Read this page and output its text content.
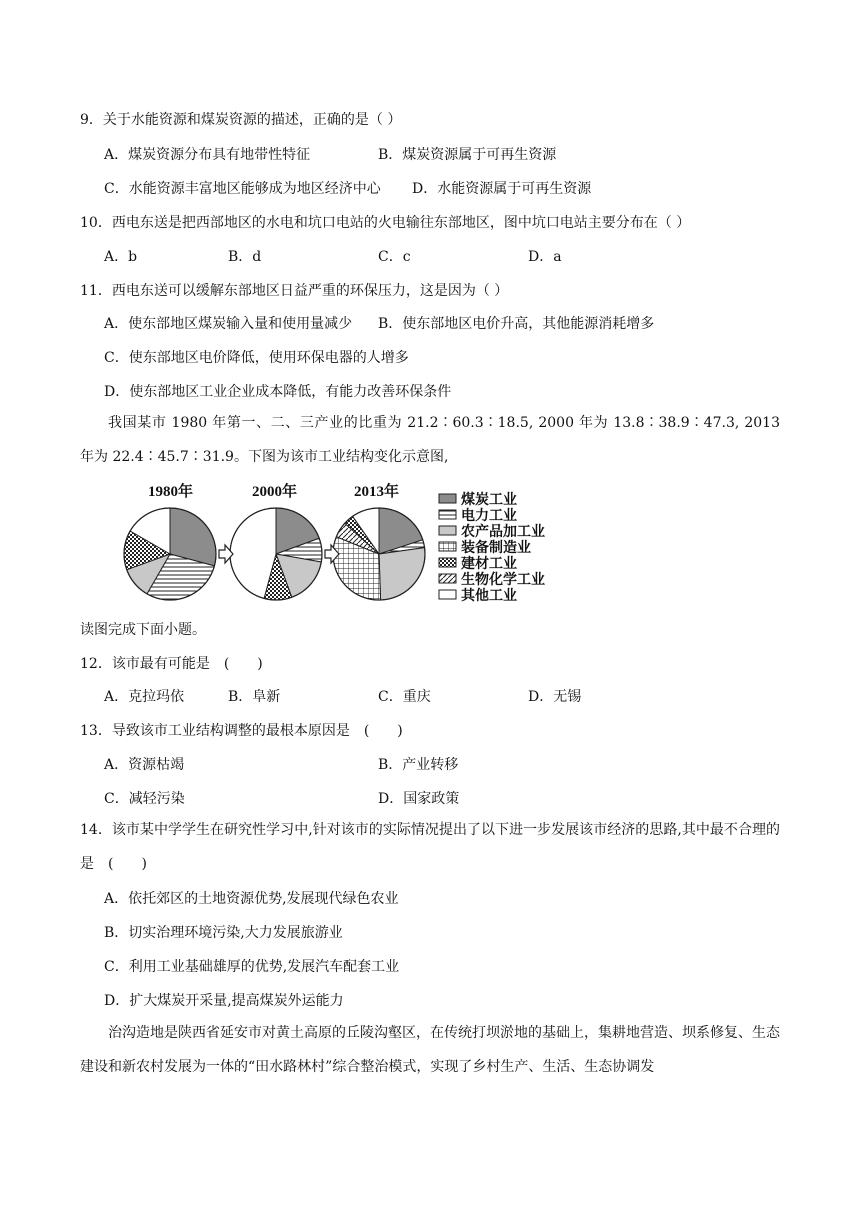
9．关于水能资源和煤炭资源的描述，正确的是（ ）
A．煤炭资源分布具有地带性特征	B．煤炭资源属于可再生资源
C．水能资源丰富地区能够成为地区经济中心 D．水能资源属于可再生资源
10．西电东送是把西部地区的水电和坑口电站的火电输往东部地区，图中坑口电站主要分布在（ ）
A．b	B．d	C．c	D．a
11．西电东送可以缓解东部地区日益严重的环保压力，这是因为（ ）
A．使东部地区煤炭输入量和使用量减少 B．使东部地区电价升高，其他能源消耗增多
C．使东部地区电价降低，使用环保电器的人增多
D．使东部地区工业企业成本降低，有能力改善环保条件
我国某市 1980 年第一、二、三产业的比重为 21.2∶60.3∶18.5, 2000 年为 13.8∶38.9∶47.3, 2013 年为 22.4∶45.7∶31.9。下图为该市工业结构变化示意图,
1980年	2000年	2013年	煤炭工业
电力工业
农产品加工业
装备制造业
建材工业
生物化学工业
其他工业
读图完成下面小题。
12．该市最有可能是　(　　)
A．克拉玛依	B．阜新	C．重庆	D．无锡
13．导致该市工业结构调整的最根本原因是　(　　)
A．资源枯竭	B．产业转移
C．减轻污染	D．国家政策
14．该市某中学学生在研究性学习中,针对该市的实际情况提出了以下进一步发展该市经济的思路,其中最不合理的是　(　　)
A．依托郊区的土地资源优势,发展现代绿色农业
B．切实治理环境污染,大力发展旅游业
C．利用工业基础雄厚的优势,发展汽车配套工业
D．扩大煤炭开采量,提高煤炭外运能力
治沟造地是陕西省延安市对黄土高原的丘陵沟壑区，在传统打坝淤地的基础上，集耕地营造、坝系修复、生态建设和新农村发展为一体的“田水路林村”综合整治模式，实现了乡村生产、生活、生态协调发
